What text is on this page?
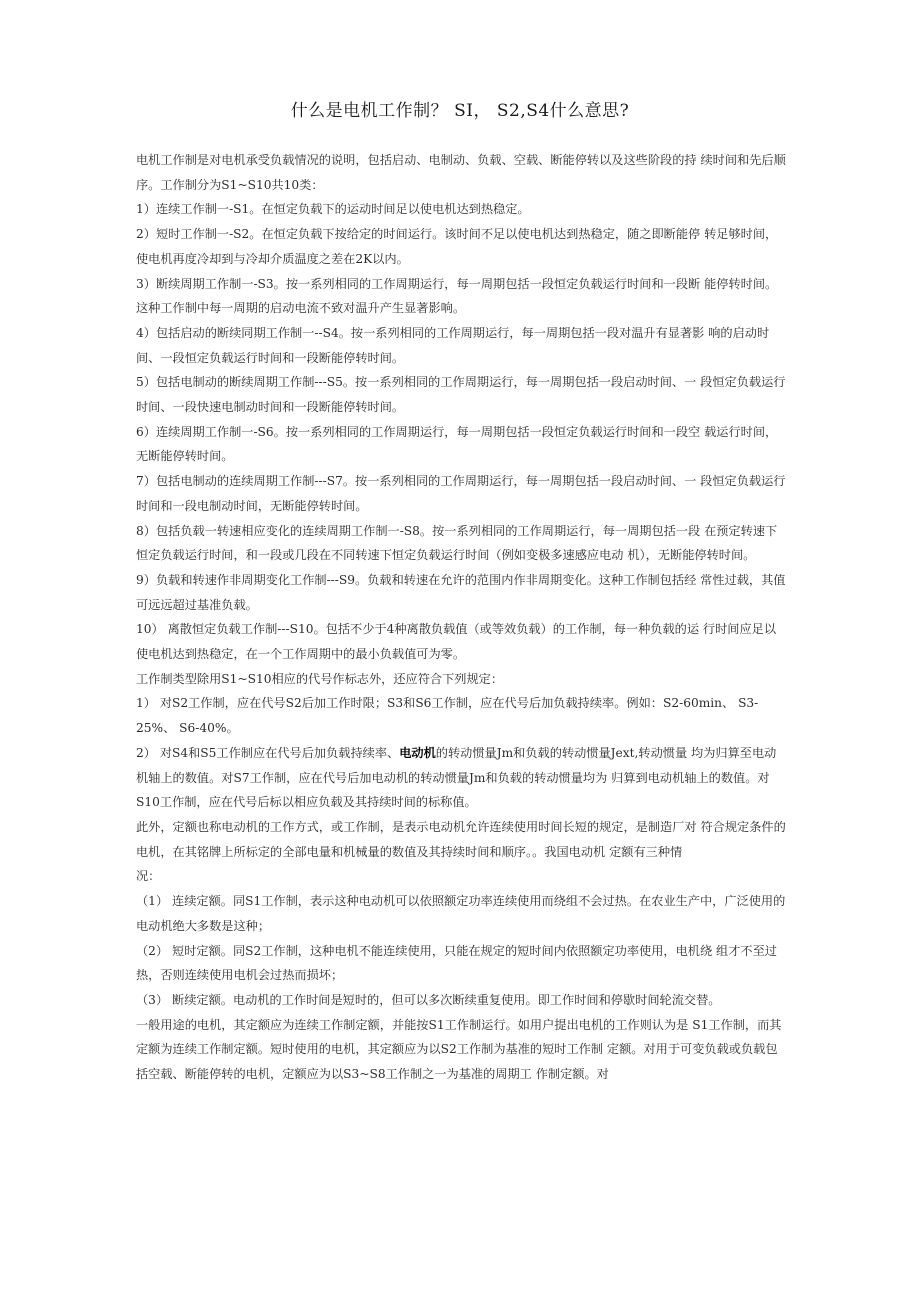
什么是电机工作制？ SI， S2,S4什么意思?

电机工作制是对电机承受负载情况的说明，包括启动、电制动、负载、空载、断能停转以及这些阶段的持 续时间和先后顺序。工作制分为S1~S10共10类：

1）连续工作制一-S1。在恒定负载下的运动时间足以使电机达到热稳定。

2）短时工作制一-S2。在恒定负载下按给定的时间运行。该时间不足以使电机达到热稳定，随之即断能停 转足够时间，使电机再度冷却到与冷却介质温度之差在2K以内。

3）断续周期工作制一-S3。按一系列相同的工作周期运行，每一周期包括一段恒定负载运行时间和一段断 能停转时间。这种工作制中每一周期的启动电流不致对温升产生显著影响。

4）包括启动的断续同期工作制一--S4。按一系列相同的工作周期运行，每一周期包括一段对温升有显著影 响的启动时间、一段恒定负载运行时间和一段断能停转时间。

5）包括电制动的断续周期工作制---S5。按一系列相同的工作周期运行，每一周期包括一段启动时间、一 段恒定负载运行时间、一段快速电制动时间和一段断能停转时间。

6）连续周期工作制一-S6。按一系列相同的工作周期运行，每一周期包括一段恒定负载运行时间和一段空 载运行时间，无断能停转时间。

7）包括电制动的连续周期工作制---S7。按一系列相同的工作周期运行，每一周期包括一段启动时间、一 段恒定负载运行时间和一段电制动时间，无断能停转时间。

8）包括负载一转速相应变化的连续周期工作制一-S8。按一系列相同的工作周期运行，每一周期包括一段 在预定转速下恒定负载运行时间，和一段或几段在不同转速下恒定负载运行时间（例如变极多速感应电动 机），无断能停转时间。

9）负载和转速作非周期变化工作制---S9。负载和转速在允许的范围内作非周期变化。这种工作制包括经 常性过载，其值可远远超过基准负载。

10） 离散恒定负载工作制---S10。包括不少于4种离散负载值（或等效负载）的工作制，每一种负载的运 行时间应足以使电机达到热稳定，在一个工作周期中的最小负载值可为零。

工作制类型除用S1~S10相应的代号作标志外，还应符合下列规定：

1） 对S2工作制，应在代号S2后加工作时限；S3和S6工作制，应在代号后加负载持续率。例如：S2-60min、 S3-25%、 S6-40%。

2） 对S4和S5工作制应在代号后加负载持续率、电动机的转动惯量Jm和负载的转动惯量Jext,转动惯量 均为归算至电动机轴上的数值。对S7工作制，应在代号后加电动机的转动惯量Jm和负载的转动惯量均为 归算到电动机轴上的数值。对S10工作制，应在代号后标以相应负载及其持续时间的标称值。

此外，定额也称电动机的工作方式，或工作制，是表示电动机允许连续使用时间长短的规定，是制造厂对 符合规定条件的电机，在其铭牌上所标定的全部电量和机械量的数值及其持续时间和顺序。。我国电动机 定额有三种情

况：

（1） 连续定额。同S1工作制，表示这种电动机可以依照额定功率连续使用而绕组不会过热。在农业生产中，广泛使用的电动机绝大多数是这种；

（2） 短时定额。同S2工作制，这种电机不能连续使用，只能在规定的短时间内依照额定功率使用，电机绕 组才不至过热，否则连续使用电机会过热而损坏；

（3） 断续定额。电动机的工作时间是短时的，但可以多次断续重复使用。即工作时间和停歇时间轮流交替。

一般用途的电机，其定额应为连续工作制定额，并能按S1工作制运行。如用户提出电机的工作则认为是 S1工作制，而其定额为连续工作制定额。短时使用的电机，其定额应为以S2工作制为基准的短时工作制 定额。对用于可变负载或负载包括空载、断能停转的电机，定额应为以S3~S8工作制之一为基准的周期工 作制定额。对
